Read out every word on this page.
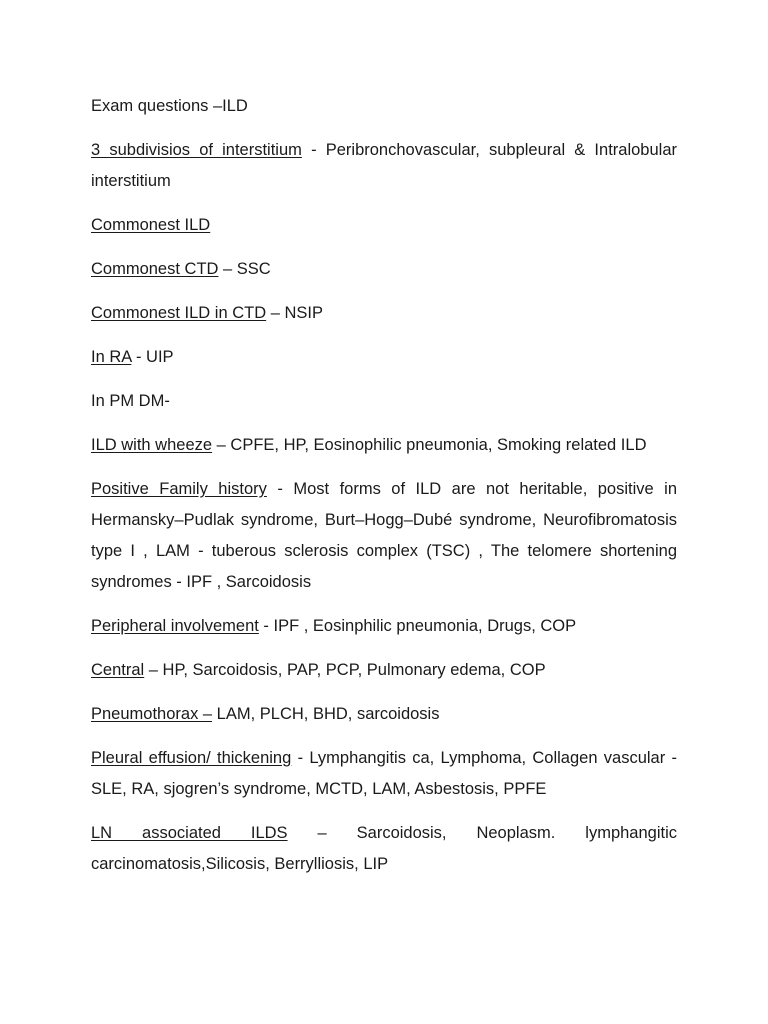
Exam questions –ILD

3 subdivisios of interstitium - Peribronchovascular, subpleural & Intralobular interstitium

Commonest ILD

Commonest CTD – SSC

Commonest ILD in CTD – NSIP

In RA - UIP

In PM DM-

ILD with wheeze – CPFE, HP, Eosinophilic pneumonia, Smoking related ILD

Positive Family history - Most forms of ILD are not heritable, positive in Hermansky–Pudlak syndrome, Burt–Hogg–Dubé syndrome, Neurofibromatosis type I , LAM - tuberous sclerosis complex (TSC) , The telomere shortening syndromes - IPF , Sarcoidosis

Peripheral involvement - IPF , Eosinphilic pneumonia, Drugs, COP

Central – HP, Sarcoidosis, PAP, PCP, Pulmonary edema, COP

Pneumothorax – LAM, PLCH, BHD, sarcoidosis

Pleural effusion/ thickening - Lymphangitis ca, Lymphoma, Collagen vascular -SLE, RA, sjogren’s syndrome, MCTD, LAM, Asbestosis, PPFE

LN associated ILDS – Sarcoidosis, Neoplasm. lymphangitic carcinomatosis,Silicosis, Berrylliosis, LIP
